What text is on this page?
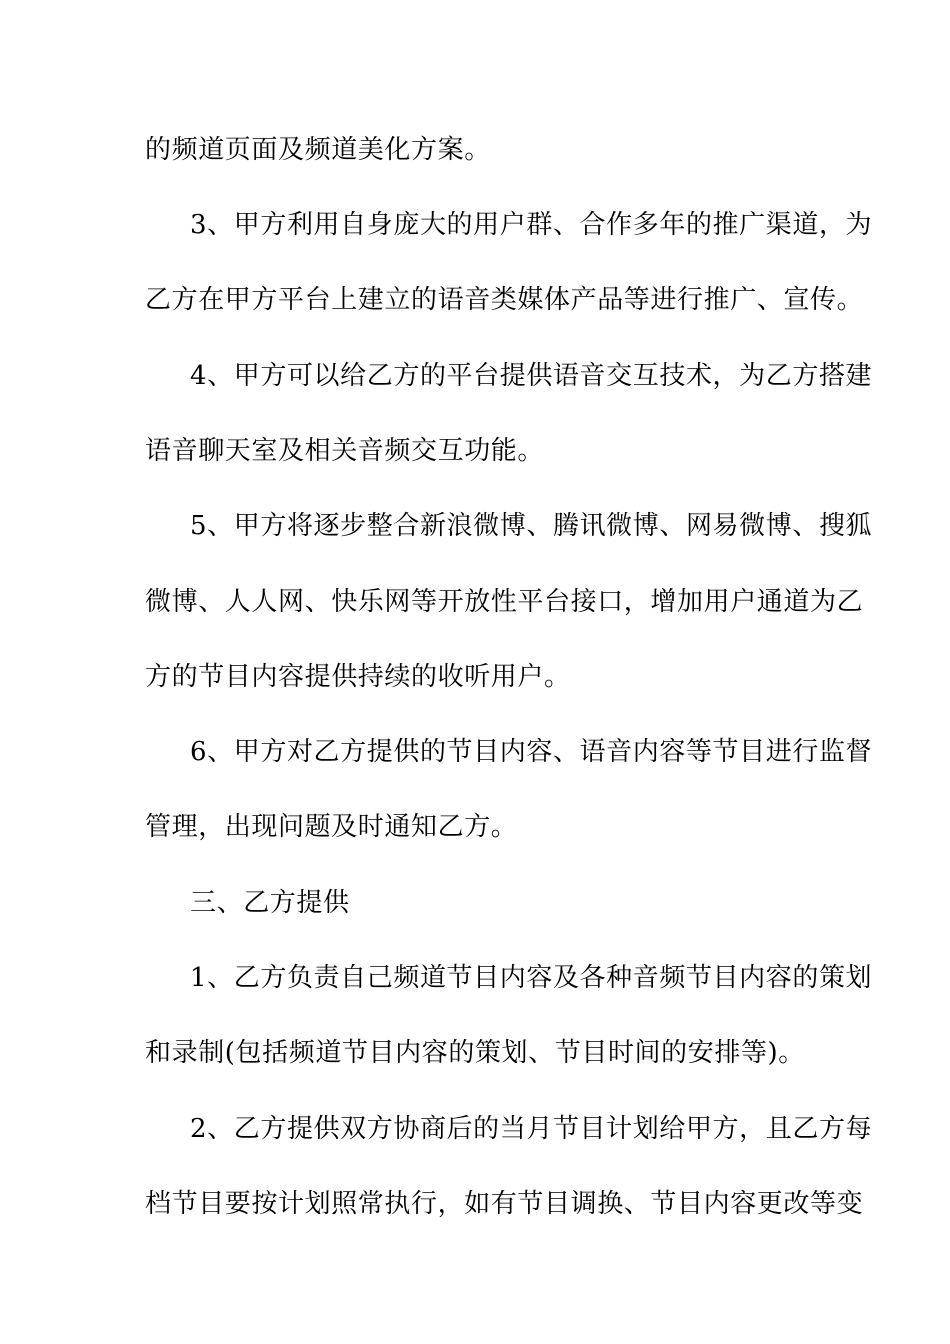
的频道页面及频道美化方案。
3、甲方利用自身庞大的用户群、合作多年的推广渠道，为
乙方在甲方平台上建立的语音类媒体产品等进行推广、宣传。
4、甲方可以给乙方的平台提供语音交互技术，为乙方搭建
语音聊天室及相关音频交互功能。
5、甲方将逐步整合新浪微博、腾讯微博、网易微博、搜狐
微博、人人网、快乐网等开放性平台接口，增加用户通道为乙
方的节目内容提供持续的收听用户。
6、甲方对乙方提供的节目内容、语音内容等节目进行监督
管理，出现问题及时通知乙方。
三、乙方提供
1、乙方负责自己频道节目内容及各种音频节目内容的策划
和录制(包括频道节目内容的策划、节目时间的安排等)。
2、乙方提供双方协商后的当月节目计划给甲方，且乙方每
档节目要按计划照常执行，如有节目调换、节目内容更改等变
